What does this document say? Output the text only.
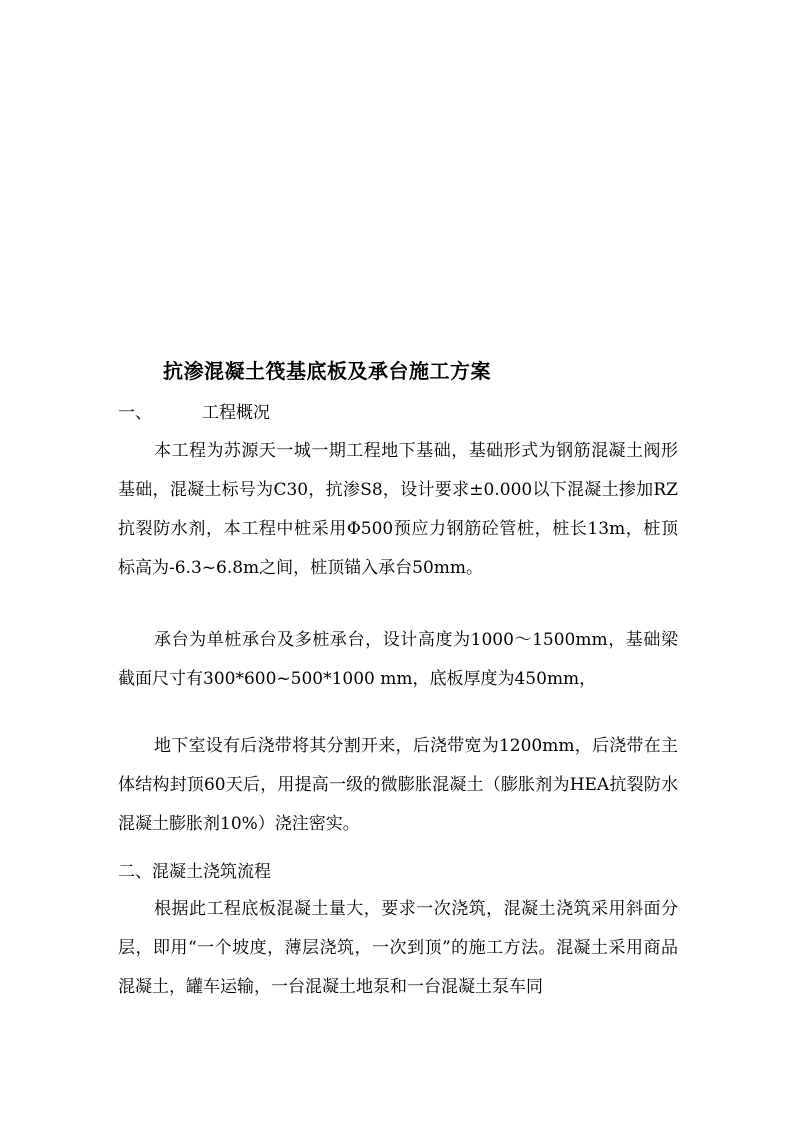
抗渗混凝土筏基底板及承台施工方案
一、	工程概况
本工程为苏源天一城一期工程地下基础，基础形式为钢筋混凝土阀形基础，混凝土标号为C30，抗渗S8，设计要求±0.000以下混凝土掺加RZ抗裂防水剂，本工程中桩采用Φ500预应力钢筋砼管桩，桩长13m，桩顶标高为-6.3~6.8m之间，桩顶锚入承台50mm。
承台为单桩承台及多桩承台，设计高度为1000～1500mm，基础梁截面尺寸有300*600~500*1000 mm，底板厚度为450mm，
地下室设有后浇带将其分割开来，后浇带宽为1200mm，后浇带在主体结构封顶60天后，用提高一级的微膨胀混凝土（膨胀剂为HEA抗裂防水混凝土膨胀剂10%）浇注密实。
二、混凝土浇筑流程
根据此工程底板混凝土量大，要求一次浇筑，混凝土浇筑采用斜面分层，即用“一个坡度，薄层浇筑，一次到顶”的施工方法。混凝土采用商品混凝土，罐车运输，一台混凝土地泵和一台混凝土泵车同
